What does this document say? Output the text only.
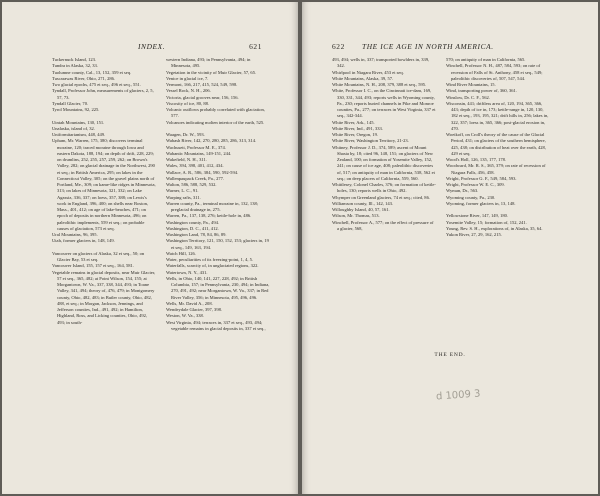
INDEX.	621
Tuckernuck Island, 123.
Tundra in Alaska, 32, 33.
Tuolumne county, Cal., 13, 152, 359 et seq.
Tuscarawas River, Ohio, 271, 286.
Two glacial epochs, 475 et seq., 496 et seq., 551.
Tyndall, Professor John, measurements of glaciers, 2, 5, 57, 73.
Tyndall Glacier, 70.
Tyrol Mountains, 92, 225.
Uintah Mountains, 130, 151.
Unalaska, island of, 32.
Uniformitarianism, 448, 449.
Upham, Mr. Warren, 175, 380; discovers terminal moraine, 120; traced moraine through Iowa and eastern Dakota, 188, 194; on depth of drift, 228, 229; on drumlins, 252, 255, 257, 259, 262; on Brown's Valley, 282; on glacial drainage in the Northwest, 290 et seq.; in British America, 295; on lakes in the Connecticut Valley, 305; on the gravel plains north of Portland, Me., 309; on kame-like ridges in Minnesota, 313; on lakes of Minnesota, 321, 332; on Lake Agassiz, 336, 337; on loess, 357, 388; on Lewis's work in England, 396, 400; on shells near Boston, Mass., 401, 412; on age of lake-beaches, 471; on epoch of deposits in northern Minnesota, 496; on paleolithic implements, 559 et seq.; on probable causes of glaciation, 573 et seq.
Ural Mountains, 96, 395.
Utah, former glaciers in, 148, 149.
Vancouver on glaciers of Alaska, 32 et seq., 50; on Glacier Bay, 53 et seq.
Vancouver Island, 155, 157 et seq., 164, 581.
Vegetable remains in glacial deposits, near Muir Glacier, 57 et seq., 365, 482; at Point Wilson, 154, 155; at Morgantown, W. Va., 337, 338, 344, 493; in Toane Valley, 341, 494; theory of, 476, 479; in Montgomery county, Ohio, 482, 483; in Butler county, Ohio, 482, 488, et seq.; in Morgan, Jackson, Jennings, and Jefferson counties, Ind., 491, 492; in Hamilton, Highland, Ross, and Licking counties, Ohio, 492, 493; in south-
western Indiana, 493; in Pennsylvania, 494; in Minnesota, 495.
Vegetation in the vicinity of Muir Glacier, 57, 65.
Venice in glacial ice, 7.
Vermont, 166, 217, 415, 524, 549, 598.
Vessel Rock, N. H., 206.
Victoria, glacial grooves near, 156, 156.
Viscosity of ice, 80, 88.
Volcanic outflows probably correlated with glaciation, 577.
Volcanoes indicating molten interior of the earth, 525.
Waagen, Dr. W., 593.
Wabash River, 142, 270, 280, 285, 286, 313, 314.
Wachusett, Professor M. E., 374.
Wabantic Mountains, 149-151, 244.
Wakefield, N. H., 311.
Wales, 394, 398, 401, 412, 434.
Wallace, A. R., 586, 384, 590, 592-594.
Wallenpaupack Creek, Pa., 277.
Walton, 586, 588, 529, 532.
Warner, L. C., 91.
Warping rafts, 311.
Warren county, Pa., terminal moraine in, 132, 138; preglacial drainage in, 275.
Warren, Pa., 137, 138, 276; kettle-hole in, 486.
Washington county, Pa., 494.
Washington, D. C., 411, 412.
Washington Land, 78, 84, 86, 89.
Washington Territory, 121, 150, 152, 153; glaciers in, 19 et seq., 149, 163, 194.
Watch Hill, 126.
Water, peculiarities of its freezing-point, 1, 4, 5.
Waterfalls, scarcity of, in unglaciated regions, 322.
Watertown, N. Y., 431.
Wells, in Ohio, 140, 141, 227, 228, 492; in British Columbia, 157; in Pennsylvania, 230, 494; in Indiana, 270, 491, 492; near Morgantown, W. Va., 337; in Red River Valley, 356; in Minnesota, 495, 496, 496.
Wells, Mr. David A., 208.
Wendeydale Glacier, 397, 398.
Weston, W. Va., 338.
West Virginia, 494; terraces in, 337 et seq., 493, 494; vegetable remains in glacial deposits in, 337 et seq.,
622 THE ICE AGE IN NORTH AMERICA.
493, 494; wells in, 337; transported bowlders in, 339, 342.
Whirlpool in Niagara River, 453 et seq.
White Mountains, Alaska, 39, 57.
White Mountains, N. H., 208, 379, 388 et seq., 595.
White, Professor I. C., on the Cincinnati ice-dam, 169, 330, 331, 344, 493; reports wells in Wyoming county, Pa., 230; reports buried channels in Pike and Monroe counties, Pa., 277; on terraces in West Virginia, 337 et seq., 342-344.
White River, Ark., 145.
White River, Ind., 491, 333.
White River, Oregon, 19.
White River, Washington Territory, 21-23.
Whitney, Professor J. D., 374, 589; ascent of Mount Shasta by, 18; cited 96, 148, 151; on glaciers of New Zealand, 100; on formation of Yosemite Valley, 152, 241; on cause of ice age, 408; paleolithic discoveries of, 517; on antiquity of man in California, 538, 562 et seq.; on deep placers of California, 559, 560.
Whittlesey, Colonel Charles, 376; on formation of kettle-holes, 130; reports wells in Ohio, 492.
Whymper on Greenland glaciers, 74 et seq.; cited, 86.
Williamson county, Ill., 142, 143.
Willoughby Island, 40, 57, 161.
Wilson, Mr. Thomas, 513.
Winchell, Professor A., 577; on the effect of pressure of a glacier, 568,
570; on antiquity of man in California, 565.
Winchell, Professor N. H., 487, 584, 593; on rate of recession of Falls of St. Anthony, 458 et seq., 549; paleolithic discoveries of, 507, 547, 544.
Wind River Mountains, 15.
Wind, transporting power of, 360, 361.
Winslow, Dr. C. F., 562.
Wisconsin, 441; driftless area of, 120, 194, 365, 366, 443; depth of ice in, 173; kettle-range in, 120, 130, 182 et seq., 193, 195, 321; drift hills in, 256; lakes in, 322, 357; loess in, 365, 366; post-glacial erosion in, 470.
Woeikoff, on Croll's theory of the cause of the Glacial Period, 431; on glaciers of the southern hemisphere, 425, 438; on distribution of heat over the earth, 428, 429 et seq.
Wood's Holl, 126, 135, 177, 178.
Woodward, Mr. R. S., 365, 379; on rate of recession of Niagara Falls, 456, 458.
Wright, Professor G. F., 549, 584, 593.
Wright, Professor W. E. C., 309.
Wyman, Dr., 563.
Wyoming county, Pa., 230.
Wyoming, former glaciers in, 13, 148.
Yellowstone River, 147, 149, 180.
Yosemite Valley, 15; formation of, 152, 241.
Young, Rev. S. H., explorations of, in Alaska, 35, 64.
Yukon River, 27, 29, 162, 215.
THE END.
d 1009 3
